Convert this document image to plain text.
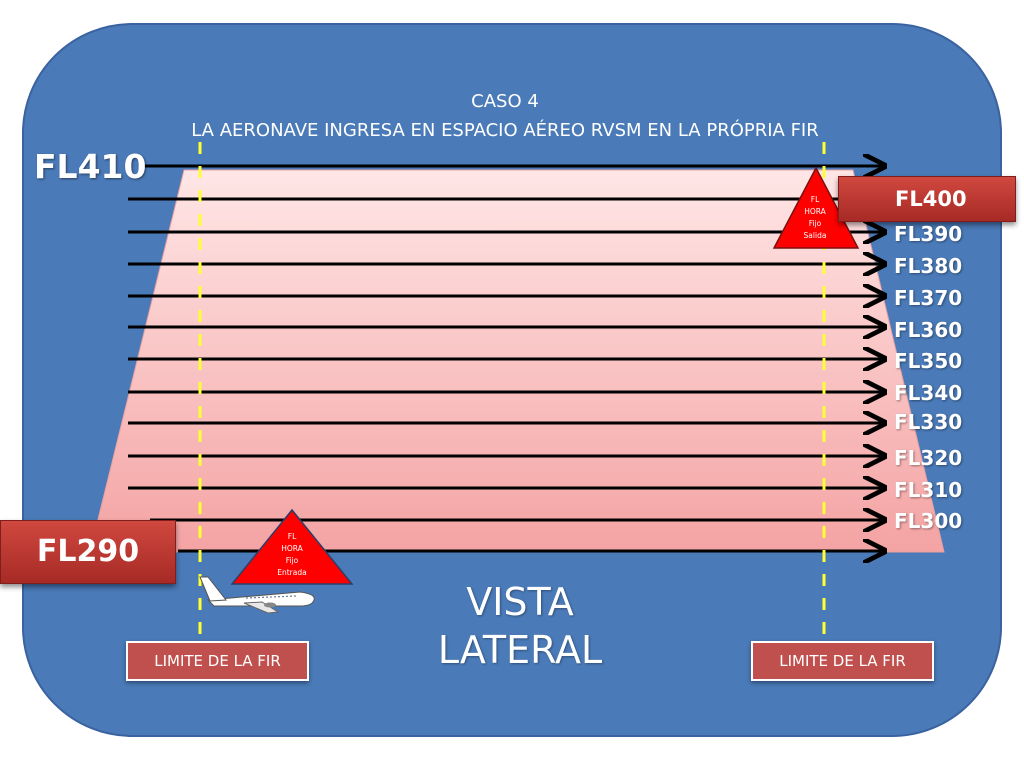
FL
HORA
Fijo
Salida
FL
HORA
Fijo
Entrada
CASO 4
LA AERONAVE INGRESA EN ESPACIO AÉREO RVSM EN LA PRÓPRIA FIR
FL410
FL400
FL290
FL390
FL380
FL370
FL360
FL350
FL340
FL330
FL320
FL310
FL300
VISTA
LATERAL
LIMITE DE LA FIR	LIMITE DE LA FIR
